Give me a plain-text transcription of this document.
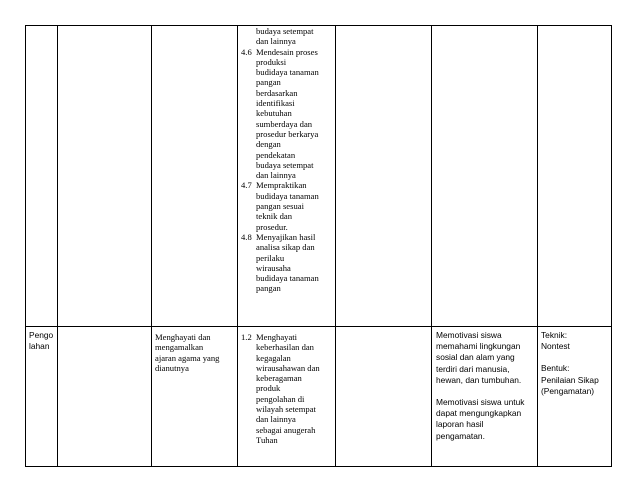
budaya setempat
dan lainnya
4.6 Mendesain proses
produksi
budidaya tanaman
pangan
berdasarkan
identifikasi
kebutuhan
sumberdaya dan
prosedur berkarya
dengan
pendekatan
budaya setempat
dan lainnya
4.7 Mempraktikan
budidaya tanaman
pangan sesuai
teknik dan
prosedur.
4.8 Menyajikan hasil
analisa sikap dan
perilaku
wirausaha
budidaya tanaman
pangan
Pengo
lahan
Menghayati dan
mengamalkan
ajaran agama yang
dianutnya
1.2 Menghayati
keberhasilan dan
kegagalan
wirausahawan dan
keberagaman
produk
pengolahan di
wilayah setempat
dan lainnya
sebagai anugerah
Tuhan
Memotivasi siswa
memahami lingkungan
sosial dan alam yang
terdiri dari manusia,
hewan, dan tumbuhan.
Memotivasi siswa untuk
dapat mengungkapkan
laporan hasil
pengamatan.
Teknik:
Nontest
Bentuk:
Penilaian Sikap
(Pengamatan)
